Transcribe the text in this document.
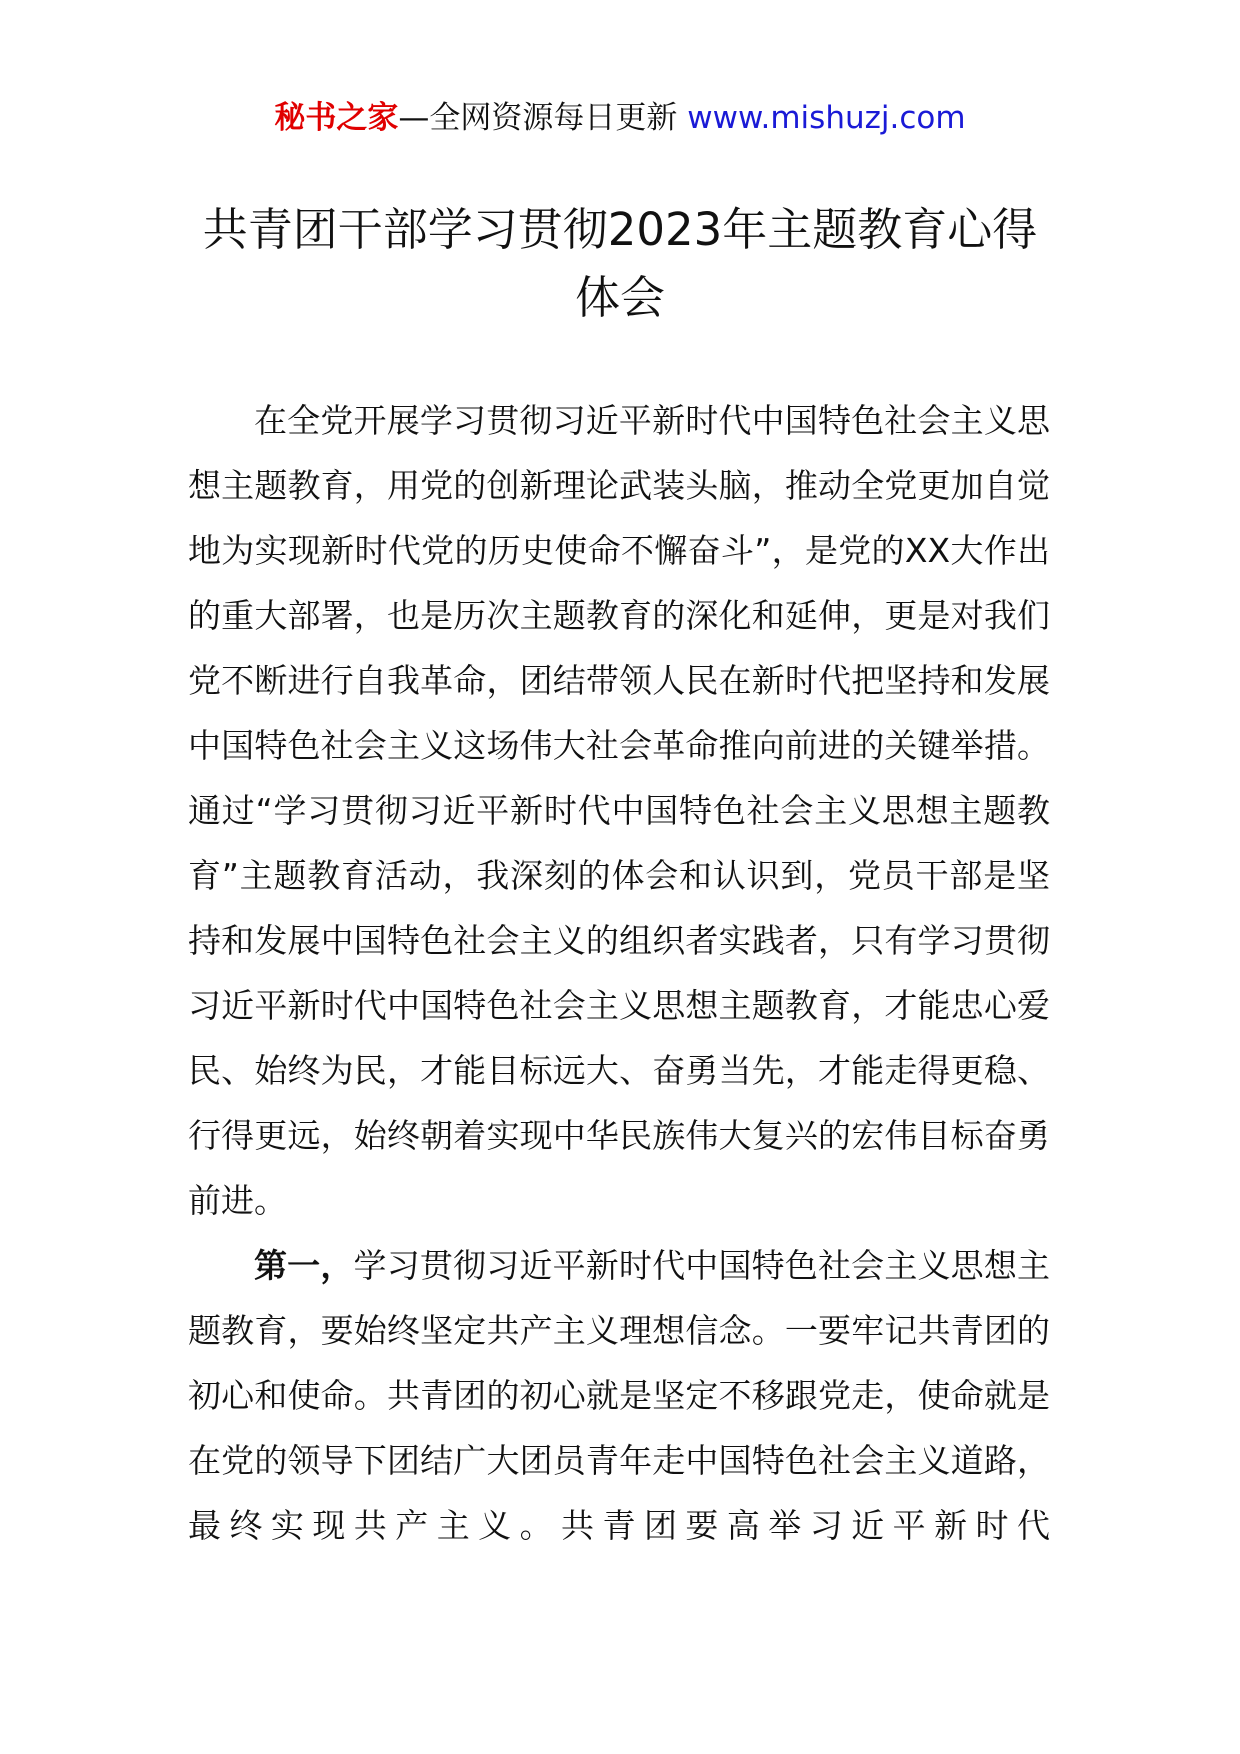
秘书之家—全网资源每日更新 www.mishuzj.com
共青团干部学习贯彻2023年主题教育心得
体会

在全党开展学习贯彻习近平新时代中国特色社会主义思想主题教育，用党的创新理论武装头脑，推动全党更加自觉地为实现新时代党的历史使命不懈奋斗”，是党的XX大作出的重大部署，也是历次主题教育的深化和延伸，更是对我们党不断进行自我革命，团结带领人民在新时代把坚持和发展中国特色社会主义这场伟大社会革命推向前进的关键举措。通过“学习贯彻习近平新时代中国特色社会主义思想主题教育”主题教育活动，我深刻的体会和认识到，党员干部是坚持和发展中国特色社会主义的组织者实践者，只有学习贯彻习近平新时代中国特色社会主义思想主题教育，才能忠心爱民、始终为民，才能目标远大、奋勇当先，才能走得更稳、行得更远，始终朝着实现中华民族伟大复兴的宏伟目标奋勇前进。

第一，学习贯彻习近平新时代中国特色社会主义思想主题教育，要始终坚定共产主义理想信念。一要牢记共青团的初心和使命。共青团的初心就是坚定不移跟党走，使命就是在党的领导下团结广大团员青年走中国特色社会主义道路，最终实现共产主义。共青团要高举习近平新时代
